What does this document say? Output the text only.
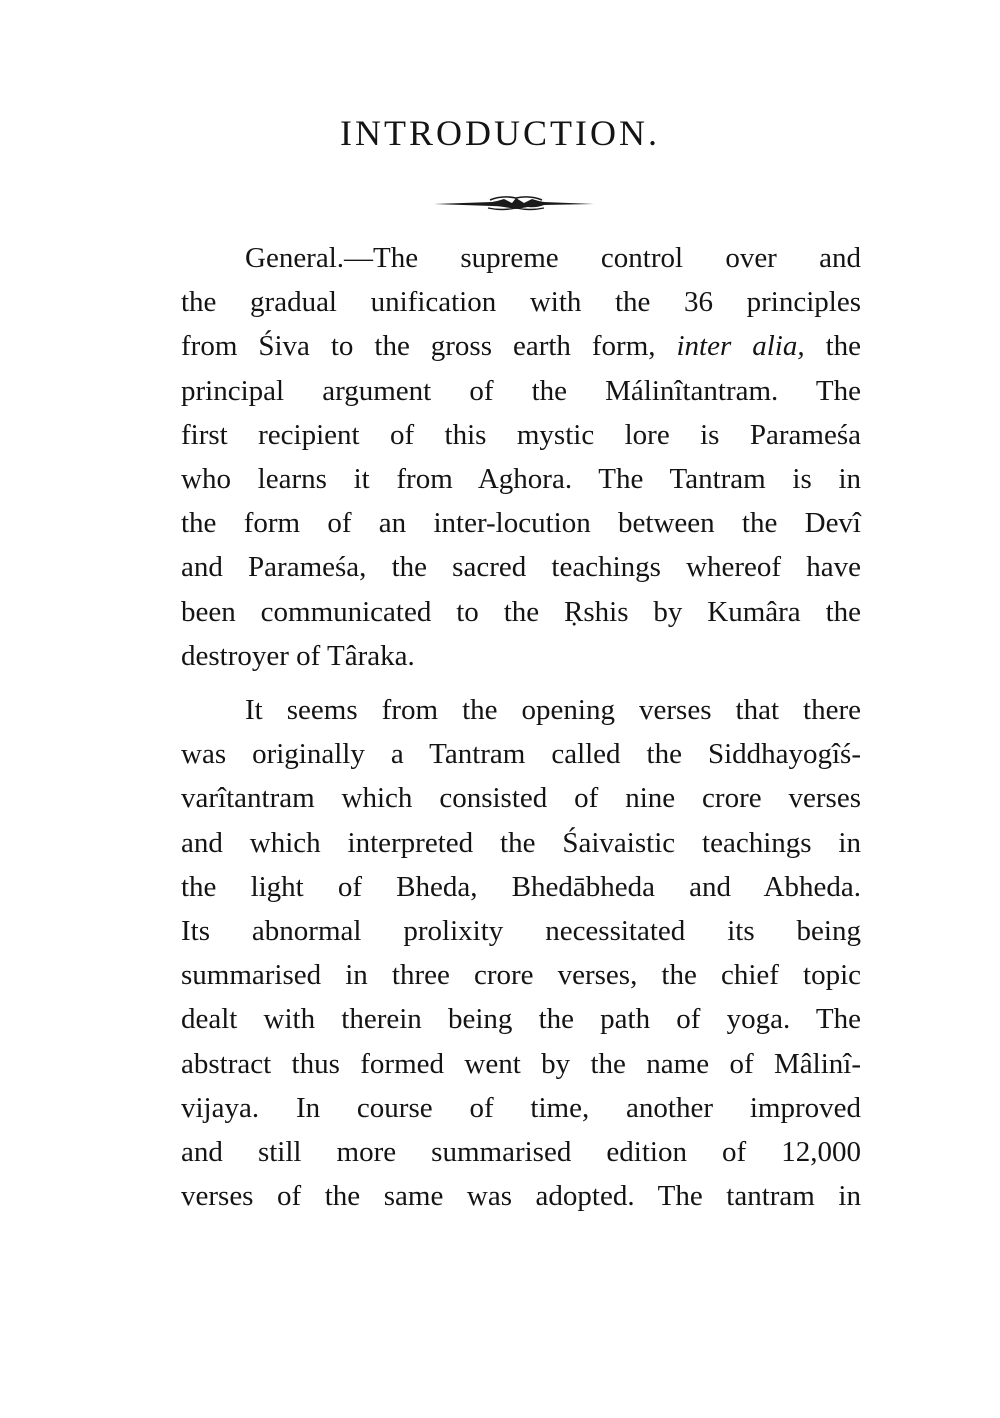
INTRODUCTION.

General.—The supreme control over and
the gradual unification with the 36 principles
from Śiva to the gross earth form, inter alia, the
principal argument of the Málinîtantram. The
first recipient of this mystic lore is Parameśa
who learns it from Aghora. The Tantram is in
the form of an inter-locution between the Devî
and Parameśa, the sacred teachings whereof have
been communicated to the Ṛshis by Kumâra the
destroyer of Târaka.

It seems from the opening verses that there
was originally a Tantram called the Siddhayogîś-
varîtantram which consisted of nine crore verses
and which interpreted the Śaivaistic teachings in
the light of Bheda, Bhedābheda and Abheda.
Its abnormal prolixity necessitated its being
summarised in three crore verses, the chief topic
dealt with therein being the path of yoga. The
abstract thus formed went by the name of Mâlinî-
vijaya. In course of time, another improved
and still more summarised edition of 12,000
verses of the same was adopted. The tantram in
